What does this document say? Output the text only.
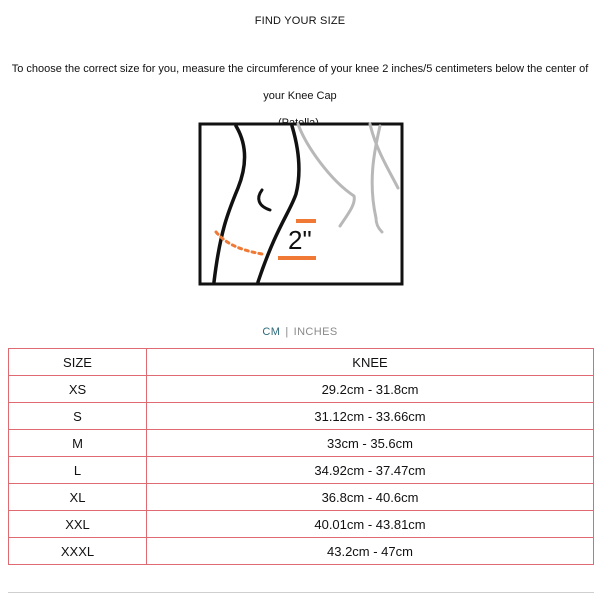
FIND YOUR SIZE
To choose the correct size for you, measure the circumference of your knee 2 inches/5 centimeters below the center of your Knee Cap
2"
CM | INCHES
SIZE	KNEE
XS	29.2cm - 31.8cm
S	31.12cm - 33.66cm
M	33cm - 35.6cm
L	34.92cm - 37.47cm
XL	36.8cm - 40.6cm
XXL	40.01cm - 43.81cm
XXXL	43.2cm - 47cm
